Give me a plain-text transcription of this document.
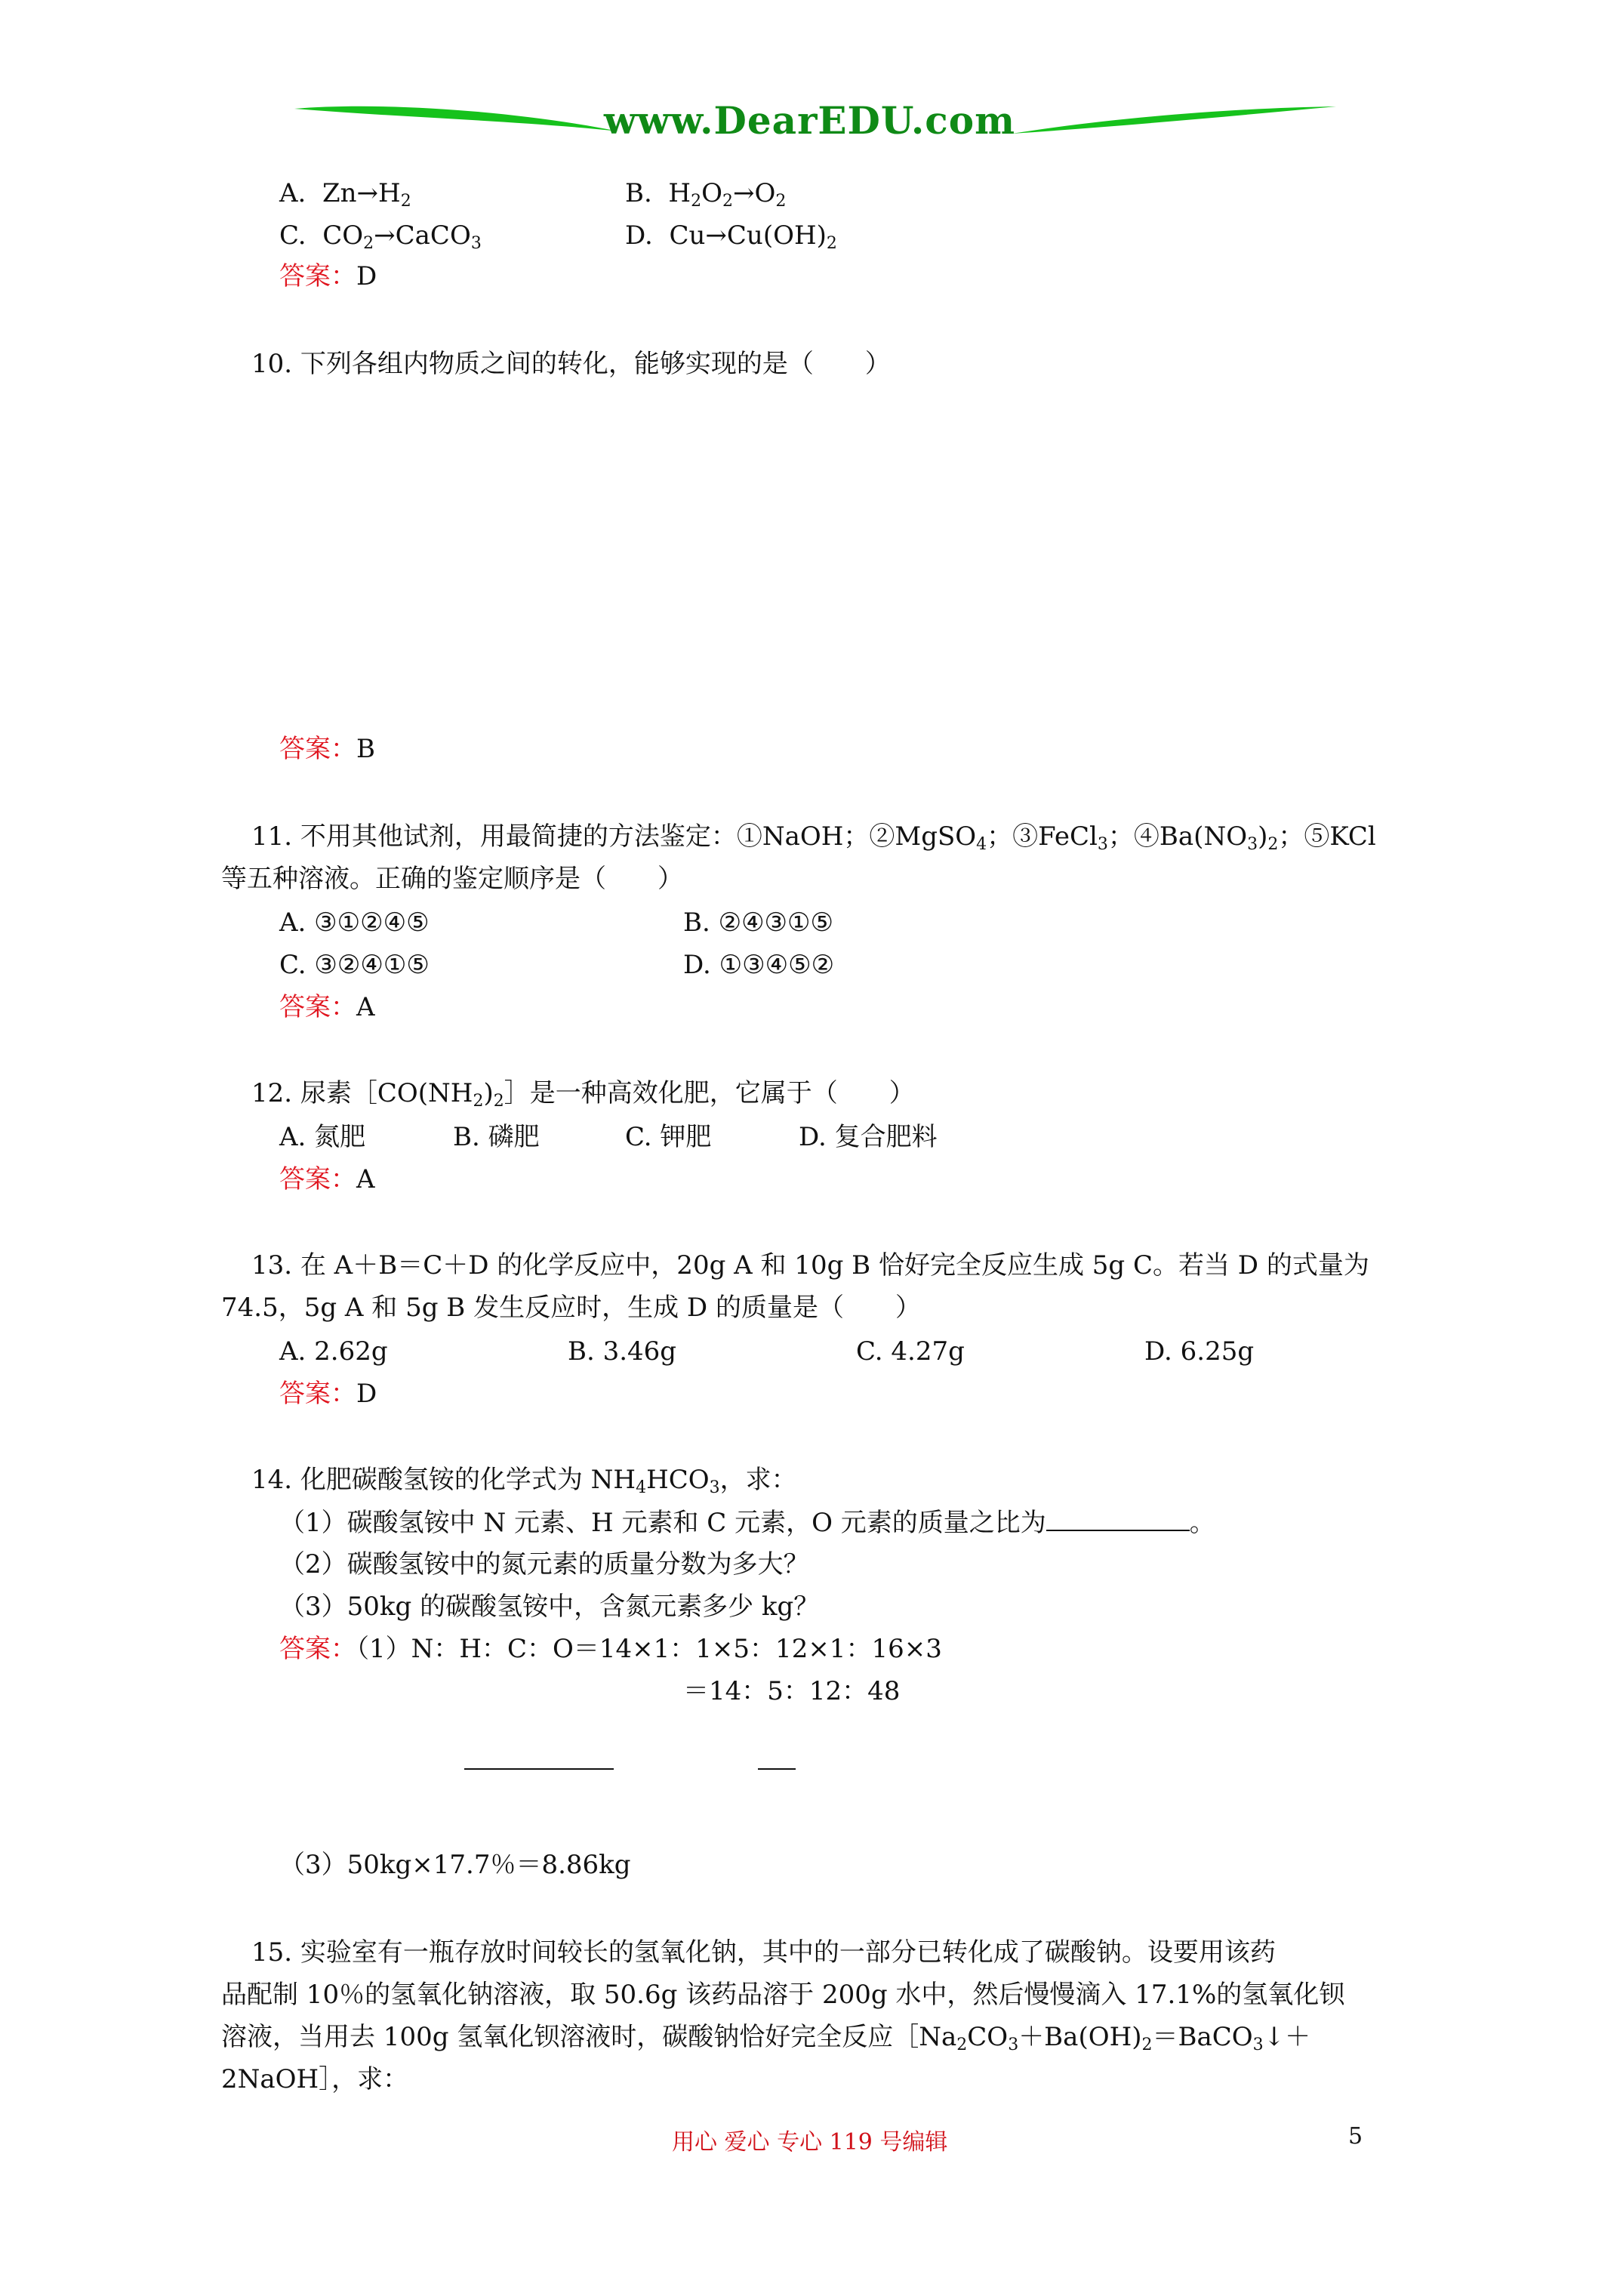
www.DearEDU.com
A. $Zn\to H_2$	B. $H_2O_2\to O_2$
C. $CO_2\to CaCO_3$	D. $Cu\to Cu(OH)_2$
答案：D
10. 下列各组内物质之间的转化，能够实现的是（　　）
答案：B
11. 不用其他试剂，用最简捷的方法鉴定：①NaOH；②MgSO$_4$；③FeCl$_3$；$④Ba(NO_3)_2$；⑤KCl
等五种溶液。正确的鉴定顺序是（　　）
A. ③①②④⑤	B. ②④③①⑤
C. ③②④①⑤	D. ①③④⑤②
答案：A
12. 尿素$[CO(NH_2)_2]$是一种高效化肥，它属于（　　）
A. 氮肥	B. 磷肥	C. 钾肥	D. 复合肥料
答案：A
13. 在 A＋B＝C＋D 的化学反应中，20g A 和 10g B 恰好完全反应生成 5g C。若当 D 的式量为
74.5，5g A 和 5g B 发生反应时，生成 D 的质量是（　　）
A. 2.62g	B. 3.46g	C. 4.27g	D. 6.25g
答案：D
14. 化肥碳酸氢铵的化学式为 $NH_4HCO_3$，求：
（1）碳酸氢铵中 N 元素、H 元素和 C 元素，O 元素的质量之比为	。
（2）碳酸氢铵中的氮元素的质量分数为多大？
（3）50kg 的碳酸氢铵中，含氮元素多少 kg？
答案：（1）N：H：C：O＝14×1：1×5：12×1：16×3
＝14：5：12：48
（3）50kg×17.7％＝8.86kg
15. 实验室有一瓶存放时间较长的氢氧化钠，其中的一部分已转化成了碳酸钠。设要用该药
品配制 10％的氢氧化钠溶液，取 50.6g 该药品溶于 200g 水中，然后慢慢滴入 17.1%的氢氧化钡
溶液，当用去 100g 氢氧化钡溶液时，碳酸钠恰好完全反应$[Na_2CO_3+Ba(OH)_2=BaCO_3↓+$
2NaOH］，求：
用心 爱心 专心 119 号编辑	5
